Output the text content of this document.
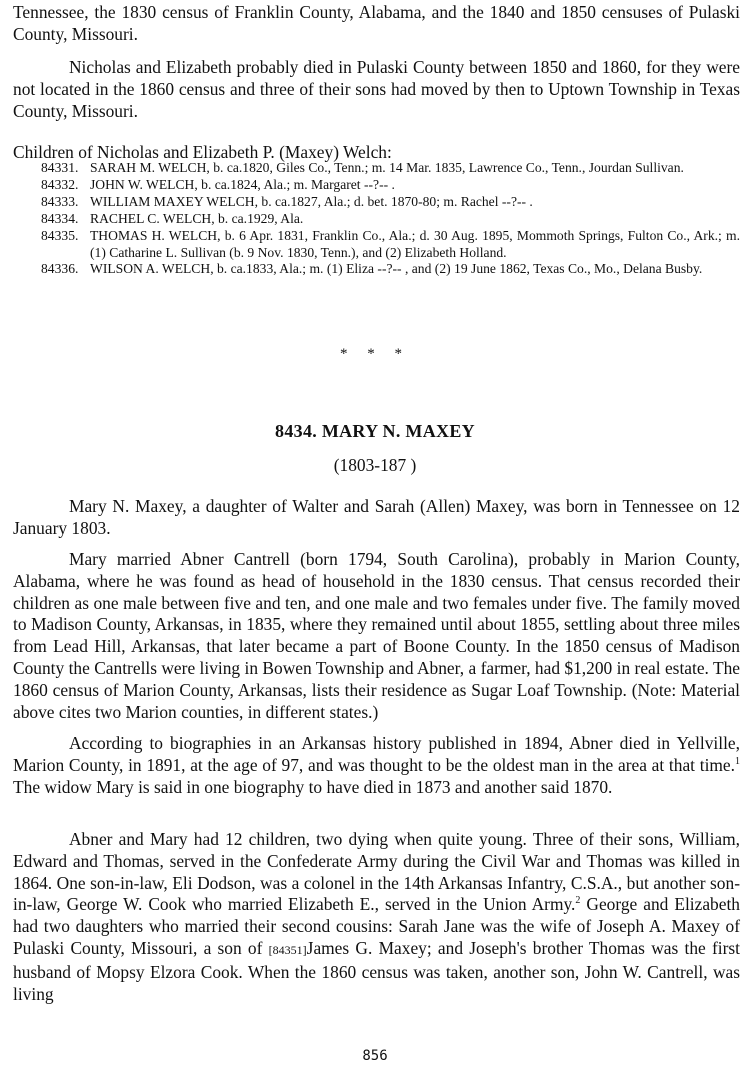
Tennessee, the 1830 census of Franklin County, Alabama, and the 1840 and 1850 censuses of Pulaski County, Missouri.

Nicholas and Elizabeth probably died in Pulaski County between 1850 and 1860, for they were not located in the 1860 census and three of their sons had moved by then to Uptown Township in Texas County, Missouri.

Children of Nicholas and Elizabeth P. (Maxey) Welch:

84331. SARAH M. WELCH, b. ca.1820, Giles Co., Tenn.; m. 14 Mar. 1835, Lawrence Co., Tenn., Jourdan Sullivan.
84332. JOHN W. WELCH, b. ca.1824, Ala.; m. Margaret --?-- .
84333. WILLIAM MAXEY WELCH, b. ca.1827, Ala.; d. bet. 1870-80; m. Rachel --?-- .
84334. RACHEL C. WELCH, b. ca.1929, Ala.
84335. THOMAS H. WELCH, b. 6 Apr. 1831, Franklin Co., Ala.; d. 30 Aug. 1895, Mommoth Springs, Fulton Co., Ark.; m. (1) Catharine L. Sullivan (b. 9 Nov. 1830, Tenn.), and (2) Elizabeth Holland.
84336. WILSON A. WELCH, b. ca.1833, Ala.; m. (1) Eliza --?-- , and (2) 19 June 1862, Texas Co., Mo., Delana Busby.
* * *
8434. MARY N. MAXEY
(1803-187 )

Mary N. Maxey, a daughter of Walter and Sarah (Allen) Maxey, was born in Tennessee on 12 January 1803.

Mary married Abner Cantrell (born 1794, South Carolina), probably in Marion County, Alabama, where he was found as head of household in the 1830 census. That census recorded their children as one male between five and ten, and one male and two females under five. The family moved to Madison County, Arkansas, in 1835, where they remained until about 1855, settling about three miles from Lead Hill, Arkansas, that later became a part of Boone County. In the 1850 census of Madison County the Cantrells were living in Bowen Township and Abner, a farmer, had $1,200 in real estate. The 1860 census of Marion County, Arkansas, lists their residence as Sugar Loaf Township. (Note: Material above cites two Marion counties, in different states.)

According to biographies in an Arkansas history published in 1894, Abner died in Yellville, Marion County, in 1891, at the age of 97, and was thought to be the oldest man in the area at that time.$^1$ The widow Mary is said in one biography to have died in 1873 and another said 1870.

Abner and Mary had 12 children, two dying when quite young. Three of their sons, William, Edward and Thomas, served in the Confederate Army during the Civil War and Thomas was killed in 1864. One son-in-law, Eli Dodson, was a colonel in the 14th Arkansas Infantry, C.S.A., but another son-in-law, George W. Cook who married Elizabeth E., served in the Union Army.$^2$ George and Elizabeth had two daughters who married their second cousins: Sarah Jane was the wife of Joseph A. Maxey of Pulaski County, Missouri, a son of [84351]James G. Maxey; and Joseph's brother Thomas was the first husband of Mopsy Elzora Cook. When the 1860 census was taken, another son, John W. Cantrell, was living

856
